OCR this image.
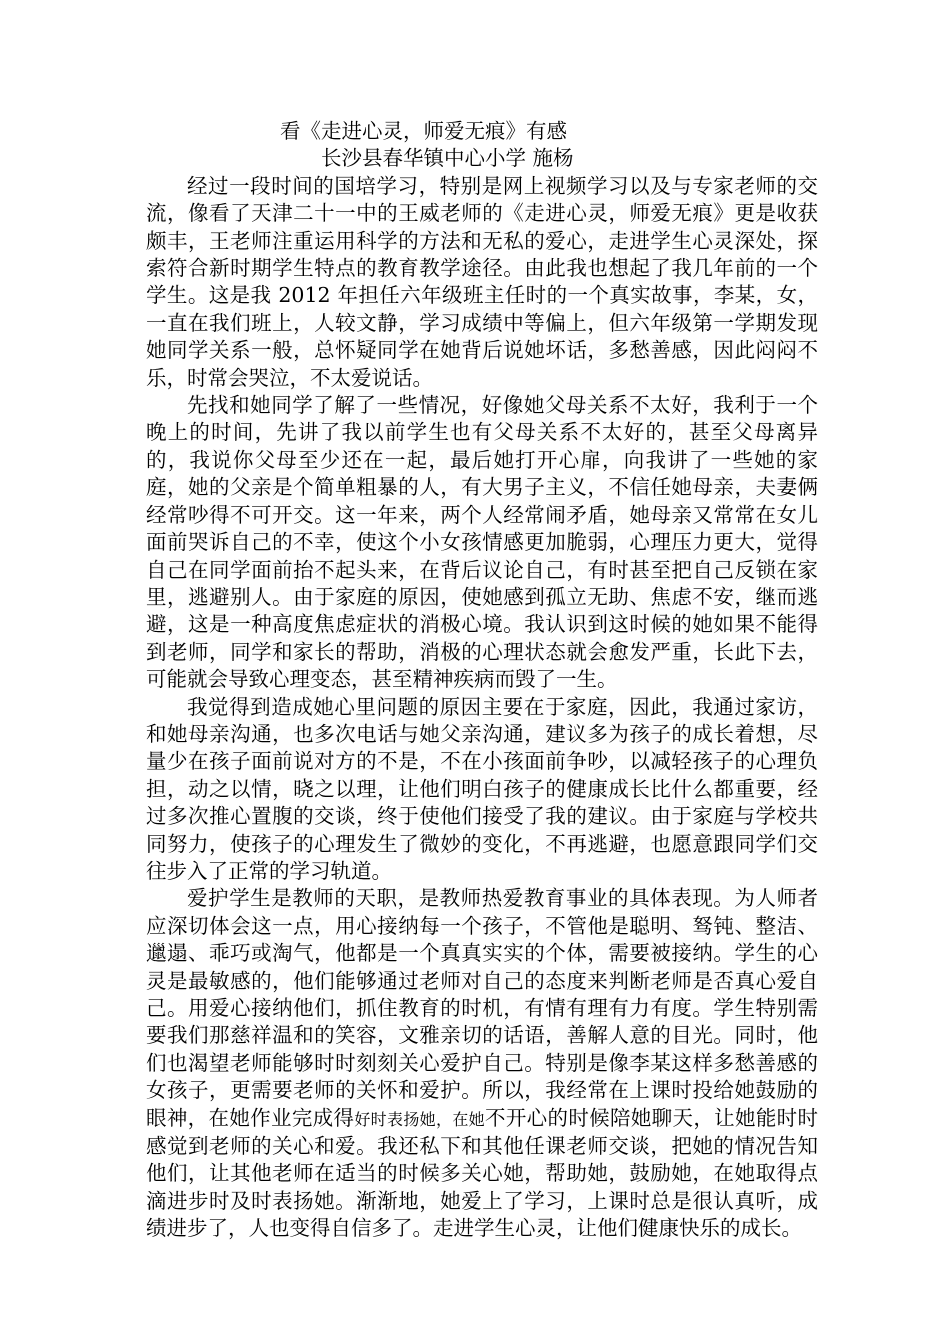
看《走进心灵，师爱无痕》有感

长沙县春华镇中心小学 施杨

经过一段时间的国培学习，特别是网上视频学习以及与专家老师的交流，像看了天津二十一中的王威老师的《走进心灵，师爱无痕》更是收获颇丰，王老师注重运用科学的方法和无私的爱心，走进学生心灵深处，探索符合新时期学生特点的教育教学途径。由此我也想起了我几年前的一个学生。这是我 2012 年担任六年级班主任时的一个真实故事，李某，女，一直在我们班上，人较文静，学习成绩中等偏上，但六年级第一学期发现她同学关系一般，总怀疑同学在她背后说她坏话，多愁善感，因此闷闷不乐，时常会哭泣，不太爱说话。

先找和她同学了解了一些情况，好像她父母关系不太好，我利于一个晚上的时间，先讲了我以前学生也有父母关系不太好的，甚至父母离异的，我说你父母至少还在一起，最后她打开心扉，向我讲了一些她的家庭，她的父亲是个简单粗暴的人，有大男子主义，不信任她母亲，夫妻俩经常吵得不可开交。这一年来，两个人经常闹矛盾，她母亲又常常在女儿面前哭诉自己的不幸，使这个小女孩情感更加脆弱，心理压力更大，觉得自己在同学面前抬不起头来，在背后议论自己，有时甚至把自己反锁在家里，逃避别人。由于家庭的原因，使她感到孤立无助、焦虑不安，继而逃避，这是一种高度焦虑症状的消极心境。我认识到这时候的她如果不能得到老师，同学和家长的帮助，消极的心理状态就会愈发严重，长此下去，可能就会导致心理变态，甚至精神疾病而毁了一生。

我觉得到造成她心里问题的原因主要在于家庭，因此，我通过家访，和她母亲沟通，也多次电话与她父亲沟通，建议多为孩子的成长着想，尽量少在孩子面前说对方的不是，不在小孩面前争吵，以减轻孩子的心理负担，动之以情，晓之以理，让他们明白孩子的健康成长比什么都重要，经过多次推心置腹的交谈，终于使他们接受了我的建议。由于家庭与学校共同努力，使孩子的心理发生了微妙的变化，不再逃避，也愿意跟同学们交往步入了正常的学习轨道。

爱护学生是教师的天职，是教师热爱教育事业的具体表现。为人师者应深切体会这一点，用心接纳每一个孩子，不管他是聪明、驽钝、整洁、邋遢、乖巧或淘气，他都是一个真真实实的个体，需要被接纳。学生的心灵是最敏感的，他们能够通过老师对自己的态度来判断老师是否真心爱自己。用爱心接纳他们，抓住教育的时机，有情有理有力有度。学生特别需要我们那慈祥温和的笑容，文雅亲切的话语，善解人意的目光。同时，他们也渴望老师能够时时刻刻关心爱护自己。特别是像李某这样多愁善感的女孩子，更需要老师的关怀和爱护。所以，我经常在上课时投给她鼓励的眼神，在她作业完成得好时表扬她，在她不开心的时候陪她聊天，让她能时时感觉到老师的关心和爱。我还私下和其他任课老师交谈，把她的情况告知他们，让其他老师在适当的时候多关心她，帮助她，鼓励她，在她取得点滴进步时及时表扬她。渐渐地，她爱上了学习，上课时总是很认真听，成绩进步了，人也变得自信多了。走进学生心灵，让他们健康快乐的成长。
